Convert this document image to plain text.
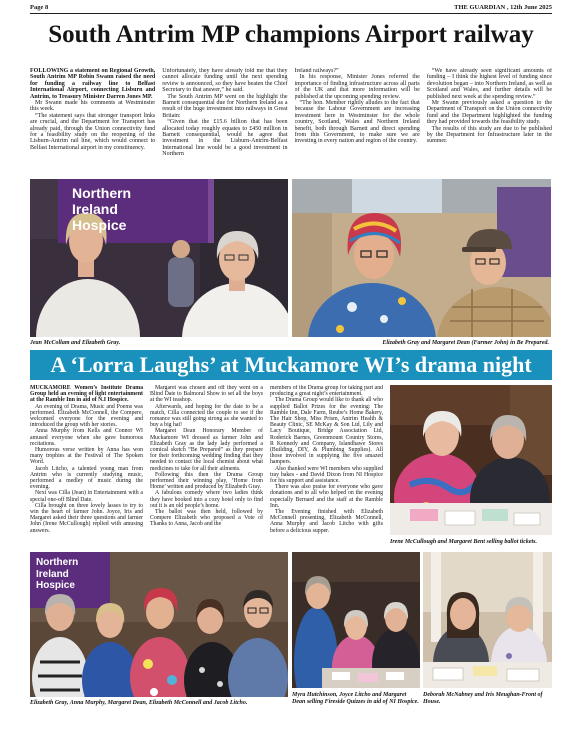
Page 8	THE GUARDIAN , 12th June 2025
South Antrim MP champions Airport railway

FOLLOWING a statement on Regional Growth, South Antrim MP Robin Swann raised the need for funding a railway line to Belfast International Airport, connecting Lisburn and Antrim, to Treasury Minister Darren Jones MP.

Mr Swann made his comments at Westminster this week.

“The statement says that stronger transport links are crucial, and the Department for Transport has already paid, through the Union connectivity fund for a feasibility study on the reopening of the Lisburn-Antrim rail line, which would connect to Belfast International airport in my constituency.

Unfortunately, they have already told me that they cannot allocate funding until the next spending review is announced, so they have beaten the Chief Secretary to that answer,” he said.

The South Antrim MP went on the highlight the Barnett consequential due for Northern Ireland as a result of the huge investment into railways in Great Britain:

“Given that the £15.6 billion that has been allocated today roughly equates to £450 million in Barnett consequential, would he agree that investment in the Lisburn-Antrim-Belfast International line would be a good investment in Northern

Ireland railways?”

In his response, Minister Jones referred the importance of finding infrastructure across all parts of the UK and that more information will be published at the upcoming spending review.

“The hon. Member rightly alludes to the fact that because the Labour Government are increasing investment here in Westminster for the whole country, Scotland, Wales and Northern Ireland benefit, both through Barnett and direct spending from this Government, to make sure we are investing in every nation and region of the country.

“We have already seen significant amounts of funding – I think the highest level of funding since devolution began – into Northern Ireland, as well as Scotland and Wales, and further details will be published next week at the spending review.”

Mr Swann previously asked a question to the Department of Transport on the Union connectivity fund and the Department highlighted the funding they had provided towards the feasibility study.

The results of this study are due to be published by the Department for Infrastructure later in the summer.

Northern Ireland Hospice
Jean McCollam and Elizabeth Gray.	Elizabeth Gray and Margaret Dean (Farmer John) in Be Prepared.
A ‘Lorra Laughs’ at Muckamore WI’s drama night

MUCKAMORE Women’s Institute Drama Group held an evening of light entertainment at the Ramble Inn in aid of N.I Hospice.

An evening of Drama, Music and Poems was performed. Elizabeth McConnell, the Compere, welcomed everyone for the evening and introduced the group with her stories.

Anna Murphy from Kells and Connor WI amused everyone when she gave humorous recitations.

Humorous verse written by Anna has won many trophies at the Festival of The Spoken Word.

Jacob Litcho, a talented young man from Antrim who is currently studying music, performed a medley of music during the evening.

Next was Cilla (Jean) in Entertainment with a special one-off Blind Date.

Cilla brought on three lovely lasses to try to win the heart of farmer John. Joyce, Iris and Margaret asked their three questions and farmer John (Irene McCullough) replied with amusing answers.

Margaret was chosen and off they went on a Blind Date to Balmoral Show to set all the boys at the WI teashop.

Afterwards, and hoping for the date to be a match, Cilla connected the couple to see if the romance was still going strong as she wanted to buy a big hat!

Margaret Dean Honorary Member of Muckamore WI dressed as farmer John and Elizabeth Gray as the lady lady performed a comical sketch “Be Prepared” as they prepare for their forthcoming wedding finding that they needed to contact the local chemist about what medicines to take for all their ailments.

Following this then the Drama Group performed their winning play, ‘Home from Home’ written and produced by Elizabeth Gray.

A fabulous comedy where two ladies think they have booked into a cozy hotel only to find out it is an old people’s home.

The ballot was then held, followed by Compere Elizabeth who proposed a Vote of Thanks to Anna, Jacob and the

members of the Drama group for taking part and producing a great night’s entertainment.

The Drama Group would like to thank all who supplied Ballot Prizes for the evening: The Ramble Inn, Dale Farm, Reube’s Home Bakery, The Hair Shop, Miss Prism, Antrim Health & Beauty Clinic, SE McKay & Son Ltd, Lily and Lacy Boutique, Bridge Association Ltd, Roderick Barnes, Greenmount Country Stores, R Kennedy and Company, Islandhawe Stores (Building, DIY, & Plumbing Supplies). All those involved in supplying the five amazed hampers.

Also thanked were WI members who supplied tray bakes - and David Dixon from NI Hospice for his support and assistance.

There was also praise for everyone who gave donations and to all who helped on the evening especially Bernard and the staff at the Ramble Inn.

The Evening finished with Elizabeth McConnell presenting, Elizabeth McConnell, Anna Murphy and Jacob Litcho with gifts before a delicious supper.

Irene McCullough and Margaret Bent selling ballot tickets.
Northern Ireland Hospice
Elizabeth Gray, Anna Murphy, Margaret Dean, Elizabeth McConnell and Jacob Litcho.
Myra Hutchinson, Joyce Litcho and Margaret Dean selling Fireside Quizzes in aid of NI Hospice.
Deborah McNabney and Iris Meughan-Front of House.
